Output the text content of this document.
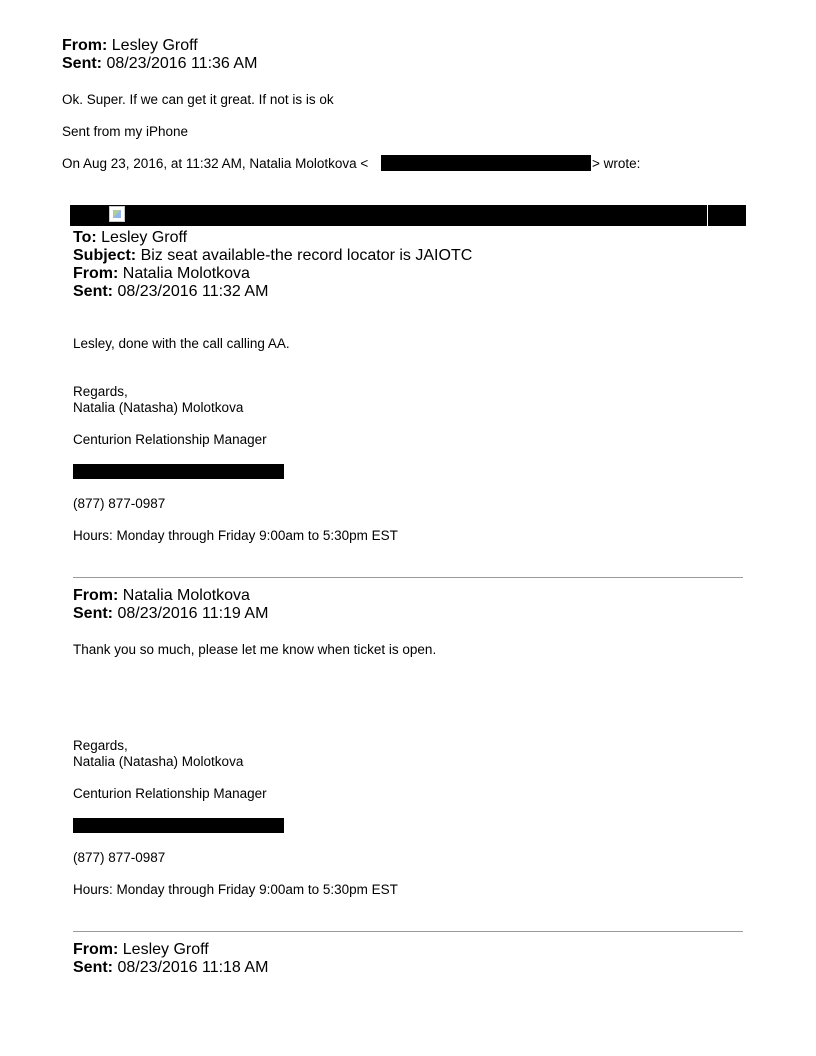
From: Lesley Groff
Sent: 08/23/2016 11:36 AM
Ok. Super. If we can get it great. If not is is ok
Sent from my iPhone
On Aug 23, 2016, at 11:32 AM, Natalia Molotkova <	> wrote:
To: Lesley Groff
Subject: Biz seat available-the record locator is JAIOTC
From: Natalia Molotkova
Sent: 08/23/2016 11:32 AM
Lesley, done with the call calling AA.
Regards,
Natalia (Natasha) Molotkova
Centurion Relationship Manager
(877) 877-0987
Hours: Monday through Friday 9:00am to 5:30pm EST
From: Natalia Molotkova
Sent: 08/23/2016 11:19 AM
Thank you so much, please let me know when ticket is open.
Regards,
Natalia (Natasha) Molotkova
Centurion Relationship Manager
(877) 877-0987
Hours: Monday through Friday 9:00am to 5:30pm EST
From: Lesley Groff
Sent: 08/23/2016 11:18 AM
